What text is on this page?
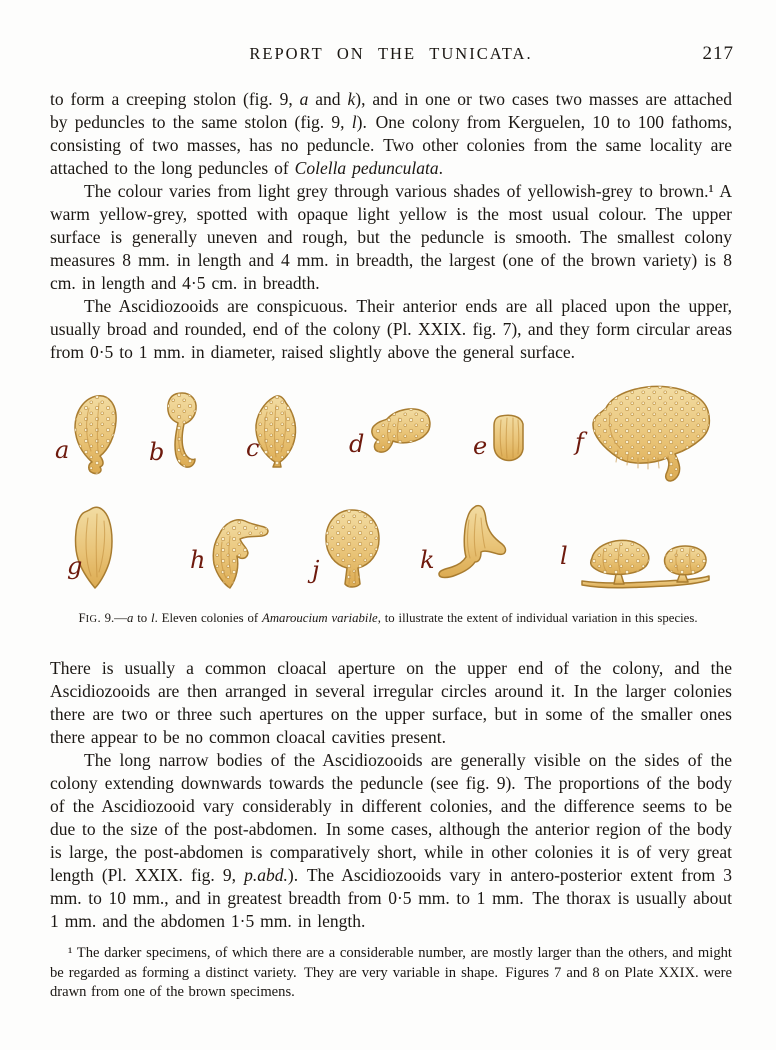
REPORT ON THE TUNICATA.	217

to form a creeping stolon (fig. 9, a and k), and in one or two cases two masses are attached by peduncles to the same stolon (fig. 9, l). One colony from Kerguelen, 10 to 100 fathoms, consisting of two masses, has no peduncle. Two other colonies from the same locality are attached to the long peduncles of Colella pedunculata.

The colour varies from light grey through various shades of yellowish-grey to brown.¹ A warm yellow-grey, spotted with opaque light yellow is the most usual colour. The upper surface is generally uneven and rough, but the peduncle is smooth. The smallest colony measures 8 mm. in length and 4 mm. in breadth, the largest (one of the brown variety) is 8 cm. in length and 4·5 cm. in breadth.

The Ascidiozooids are conspicuous. Their anterior ends are all placed upon the upper, usually broad and rounded, end of the colony (Pl. XXIX. fig. 7), and they form circular areas from 0·5 to 1 mm. in diameter, raised slightly above the general surface.

a	b	c	d	e	f
g	h	j	k	l
FIG. 9.—a to l. Eleven colonies of Amaroucium variabile, to illustrate the extent of individual variation in this species.

There is usually a common cloacal aperture on the upper end of the colony, and the Ascidiozooids are then arranged in several irregular circles around it. In the larger colonies there are two or three such apertures on the upper surface, but in some of the smaller ones there appear to be no common cloacal cavities present.

The long narrow bodies of the Ascidiozooids are generally visible on the sides of the colony extending downwards towards the peduncle (see fig. 9). The proportions of the body of the Ascidiozooid vary considerably in different colonies, and the difference seems to be due to the size of the post-abdomen. In some cases, although the anterior region of the body is large, the post-abdomen is comparatively short, while in other colonies it is of very great length (Pl. XXIX. fig. 9, p.abd.). The Ascidiozooids vary in antero-posterior extent from 3 mm. to 10 mm., and in greatest breadth from 0·5 mm. to 1 mm. The thorax is usually about 1 mm. and the abdomen 1·5 mm. in length.

¹ The darker specimens, of which there are a considerable number, are mostly larger than the others, and might be regarded as forming a distinct variety. They are very variable in shape. Figures 7 and 8 on Plate XXIX. were drawn from one of the brown specimens.
